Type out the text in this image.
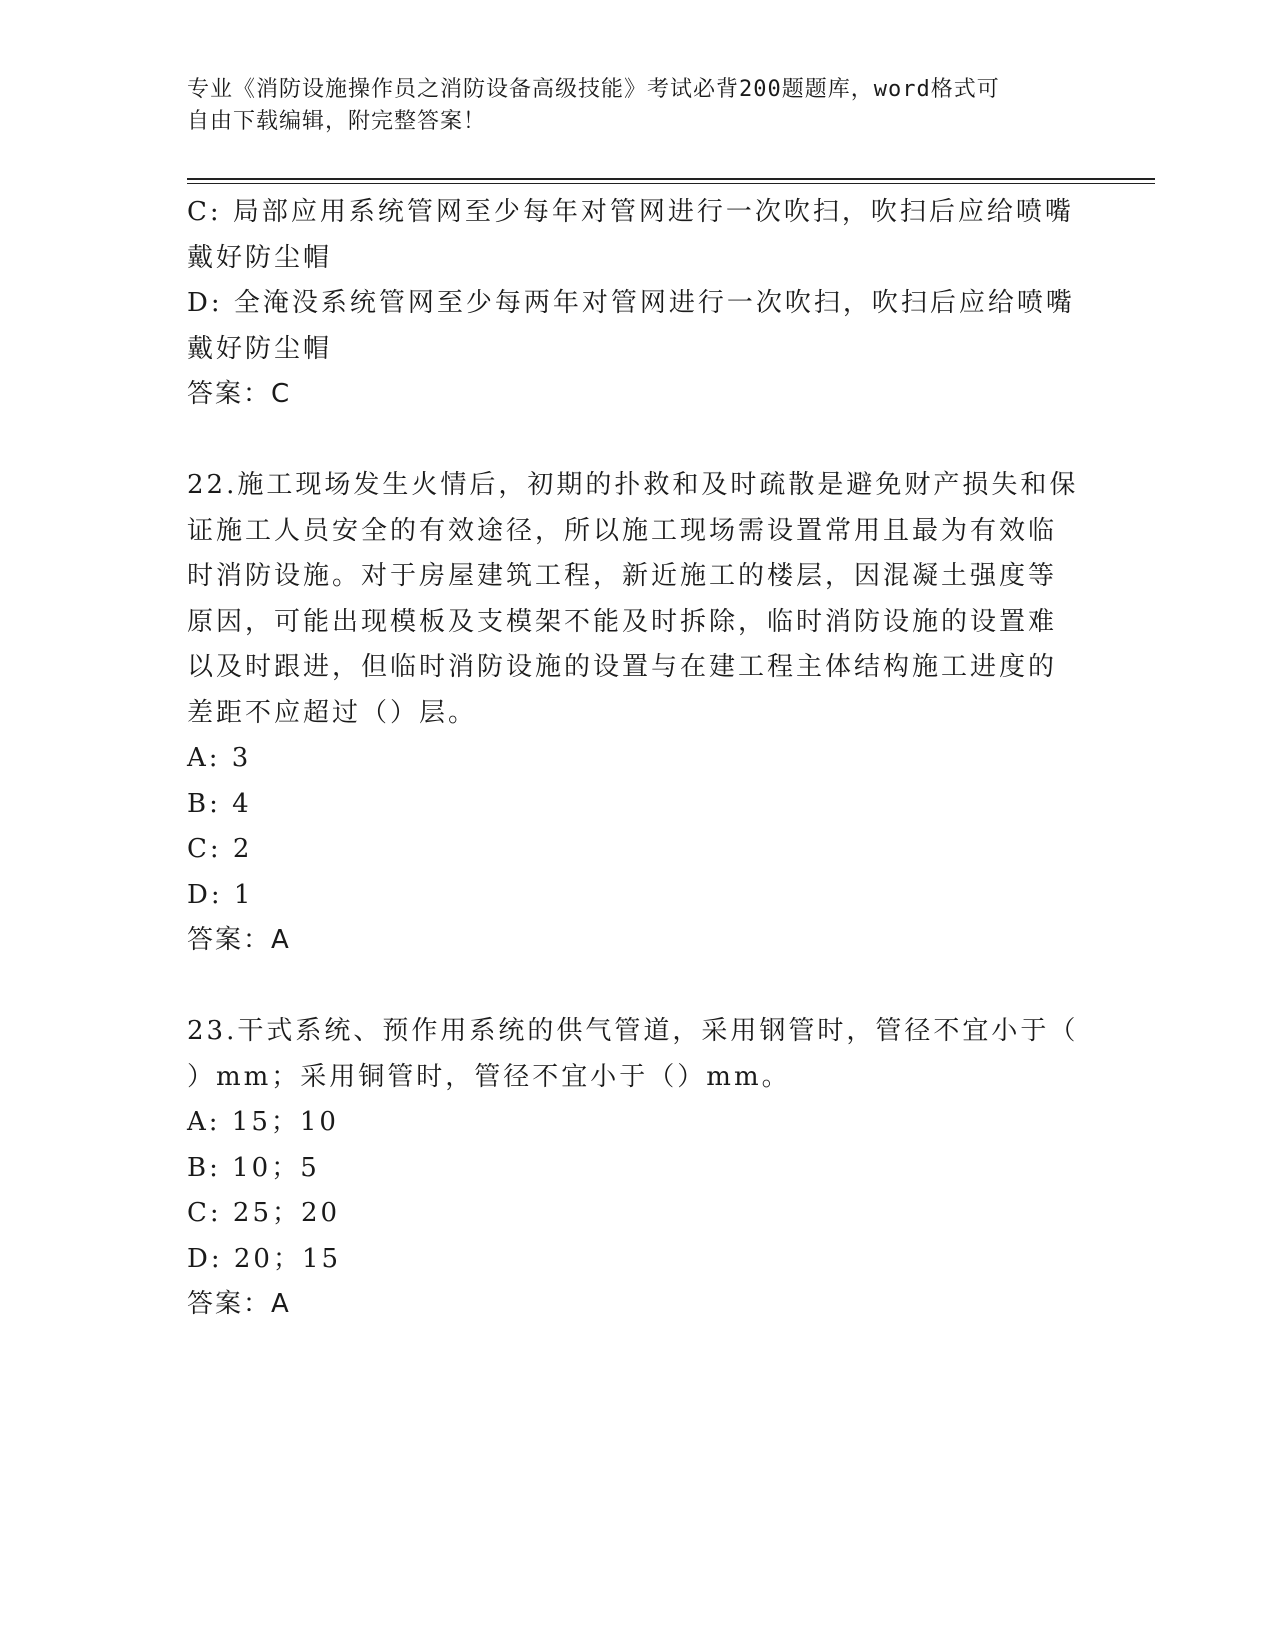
专业《消防设施操作员之消防设备高级技能》考试必背200题题库，word格式可
自由下载编辑，附完整答案！
C: 局部应用系统管网至少每年对管网进行一次吹扫，吹扫后应给喷嘴
戴好防尘帽
D: 全淹没系统管网至少每两年对管网进行一次吹扫，吹扫后应给喷嘴
戴好防尘帽
答案：C
22.施工现场发生火情后，初期的扑救和及时疏散是避免财产损失和保
证施工人员安全的有效途径，所以施工现场需设置常用且最为有效临
时消防设施。对于房屋建筑工程，新近施工的楼层，因混凝土强度等
原因，可能出现模板及支模架不能及时拆除，临时消防设施的设置难
以及时跟进，但临时消防设施的设置与在建工程主体结构施工进度的
差距不应超过（）层。
A: 3
B: 4
C: 2
D: 1
答案：A
23.干式系统、预作用系统的供气管道，采用钢管时，管径不宜小于（
）mm；采用铜管时，管径不宜小于（）mm。
A: 15；10
B: 10；5
C: 25；20
D: 20；15
答案：A
